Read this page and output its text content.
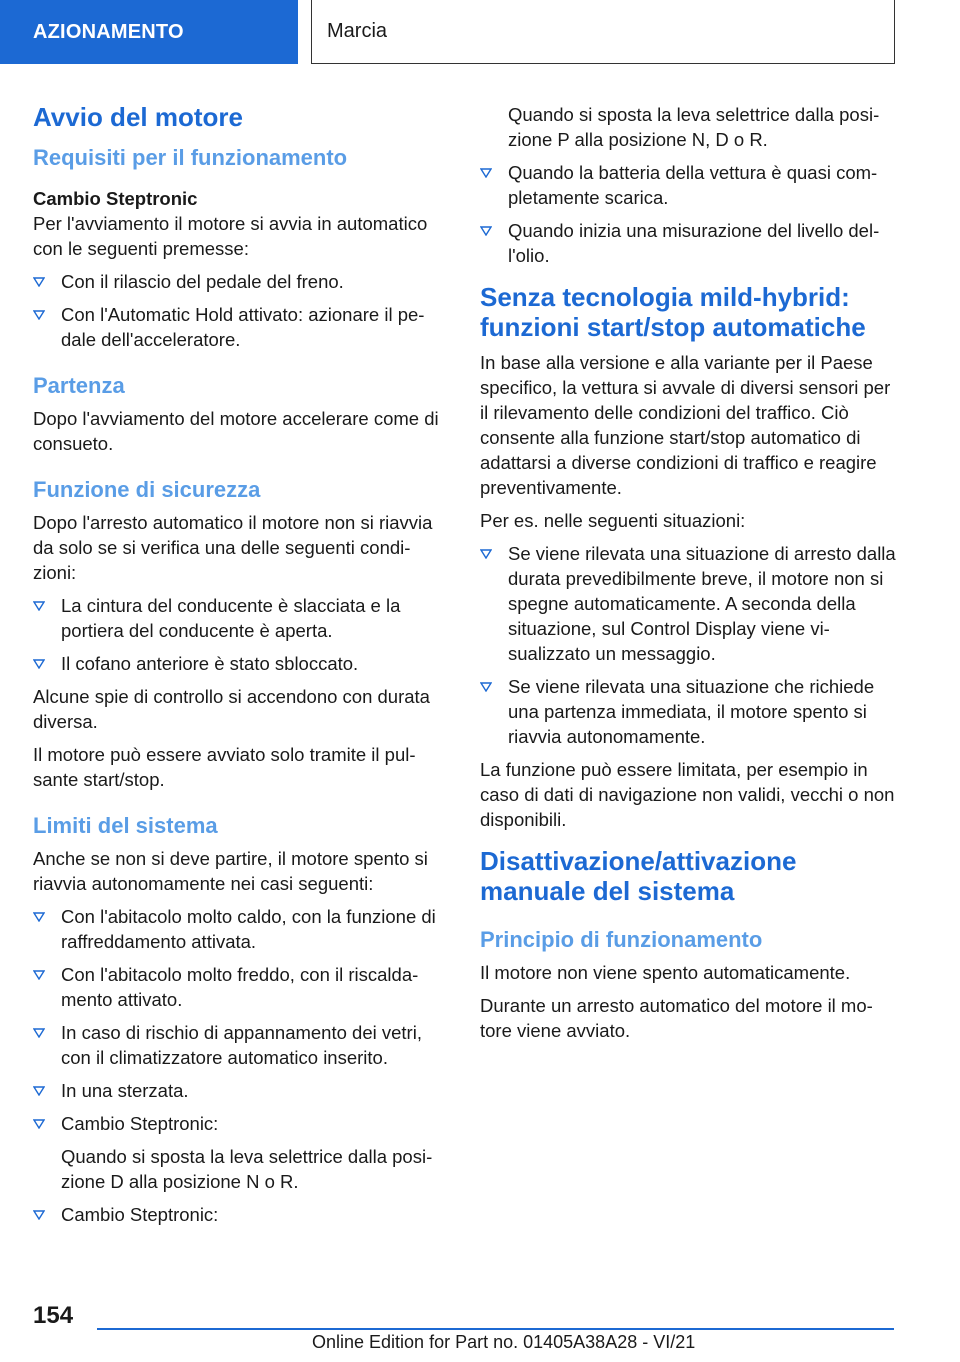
AZIONAMENTO	Marcia
Avvio del motore
Requisiti per il funzionamento
Cambio Steptronic

Per l'avviamento il motore si avvia in automatico con le seguenti premesse:

Con il rilascio del pedale del freno.
Con l'Automatic Hold attivato: azionare il pe-dale dell'acceleratore.
Partenza

Dopo l'avviamento del motore accelerare come di consueto.

Funzione di sicurezza

Dopo l'arresto automatico il motore non si riavvia da solo se si verifica una delle seguenti condi-zioni:

La cintura del conducente è slacciata e la portiera del conducente è aperta.
Il cofano anteriore è stato sbloccato.

Alcune spie di controllo si accendono con durata diversa.

Il motore può essere avviato solo tramite il pul-sante start/stop.

Limiti del sistema

Anche se non si deve partire, il motore spento si riavvia autonomamente nei casi seguenti:

Con l'abitacolo molto caldo, con la funzione di raffreddamento attivata.
Con l'abitacolo molto freddo, con il riscalda-mento attivato.
In caso di rischio di appannamento dei vetri, con il climatizzatore automatico inserito.
In una sterzata.
Cambio Steptronic:

Quando si sposta la leva selettrice dalla posi-zione D alla posizione N o R.

Cambio Steptronic:

Quando si sposta la leva selettrice dalla posi-zione P alla posizione N, D o R.

Quando la batteria della vettura è quasi com-pletamente scarica.
Quando inizia una misurazione del livello del-l'olio.
Senza tecnologia mild-hybrid: funzioni start/stop automatiche

In base alla versione e alla variante per il Paese specifico, la vettura si avvale di diversi sensori per il rilevamento delle condizioni del traffico. Ciò consente alla funzione start/stop automatico di adattarsi a diverse condizioni di traffico e reagire preventivamente.

Per es. nelle seguenti situazioni:

Se viene rilevata una situazione di arresto dalla durata prevedibilmente breve, il motore non si spegne automaticamente. A seconda della situazione, sul Control Display viene vi-sualizzato un messaggio.
Se viene rilevata una situazione che richiede una partenza immediata, il motore spento si riavvia autonomamente.

La funzione può essere limitata, per esempio in caso di dati di navigazione non validi, vecchi o non disponibili.

Disattivazione/attivazione manuale del sistema
Principio di funzionamento

Il motore non viene spento automaticamente.

Durante un arresto automatico del motore il mo-tore viene avviato.

154
Online Edition for Part no. 01405A38A28 - VI/21
